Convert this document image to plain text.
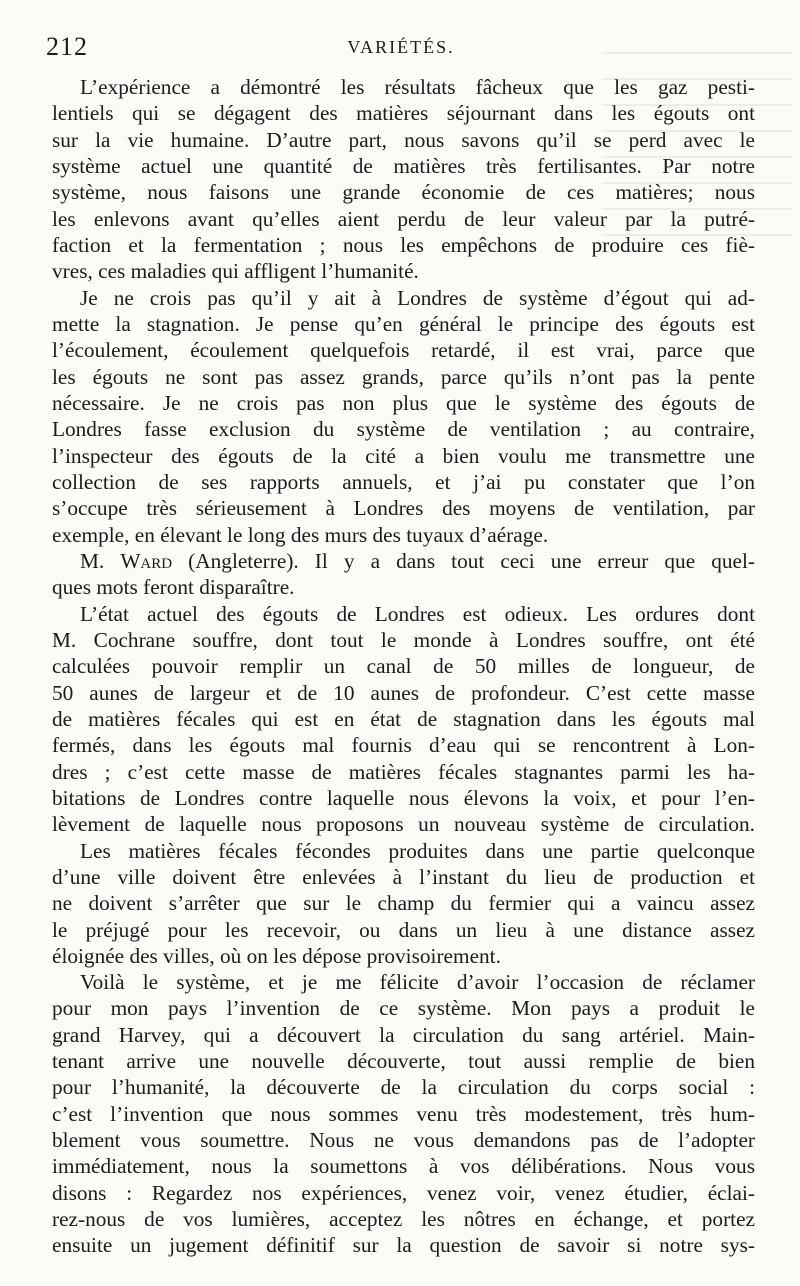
212	VARIÉTÉS.
L’expérience a démontré les résultats fâcheux que les gaz pesti-
lentiels qui se dégagent des matières séjournant dans les égouts ont
sur la vie humaine. D’autre part, nous savons qu’il se perd avec le
système actuel une quantité de matières très fertilisantes. Par notre
système, nous faisons une grande économie de ces matières; nous
les enlevons avant qu’elles aient perdu de leur valeur par la putré-
faction et la fermentation ; nous les empêchons de produire ces fiè-
vres, ces maladies qui affligent l’humanité.
Je ne crois pas qu’il y ait à Londres de système d’égout qui ad-
mette la stagnation. Je pense qu’en général le principe des égouts est
l’écoulement, écoulement quelquefois retardé, il est vrai, parce que
les égouts ne sont pas assez grands, parce qu’ils n’ont pas la pente
nécessaire. Je ne crois pas non plus que le système des égouts de
Londres fasse exclusion du système de ventilation ; au contraire,
l’inspecteur des égouts de la cité a bien voulu me transmettre une
collection de ses rapports annuels, et j’ai pu constater que l’on
s’occupe très sérieusement à Londres des moyens de ventilation, par
exemple, en élevant le long des murs des tuyaux d’aérage.
M. Ward (Angleterre). Il y a dans tout ceci une erreur que quel-
ques mots feront disparaître.
L’état actuel des égouts de Londres est odieux. Les ordures dont
M. Cochrane souffre, dont tout le monde à Londres souffre, ont été
calculées pouvoir remplir un canal de 50 milles de longueur, de
50 aunes de largeur et de 10 aunes de profondeur. C’est cette masse
de matières fécales qui est en état de stagnation dans les égouts mal
fermés, dans les égouts mal fournis d’eau qui se rencontrent à Lon-
dres ; c’est cette masse de matières fécales stagnantes parmi les ha-
bitations de Londres contre laquelle nous élevons la voix, et pour l’en-
lèvement de laquelle nous proposons un nouveau système de circulation.
Les matières fécales fécondes produites dans une partie quelconque
d’une ville doivent être enlevées à l’instant du lieu de production et
ne doivent s’arrêter que sur le champ du fermier qui a vaincu assez
le préjugé pour les recevoir, ou dans un lieu à une distance assez
éloignée des villes, où on les dépose provisoirement.
Voilà le système, et je me félicite d’avoir l’occasion de réclamer
pour mon pays l’invention de ce système. Mon pays a produit le
grand Harvey, qui a découvert la circulation du sang artériel. Main-
tenant arrive une nouvelle découverte, tout aussi remplie de bien
pour l’humanité, la découverte de la circulation du corps social :
c’est l’invention que nous sommes venu très modestement, très hum-
blement vous soumettre. Nous ne vous demandons pas de l’adopter
immédiatement, nous la soumettons à vos délibérations. Nous vous
disons : Regardez nos expériences, venez voir, venez étudier, éclai-
rez-nous de vos lumières, acceptez les nôtres en échange, et portez
ensuite un jugement définitif sur la question de savoir si notre sys-
